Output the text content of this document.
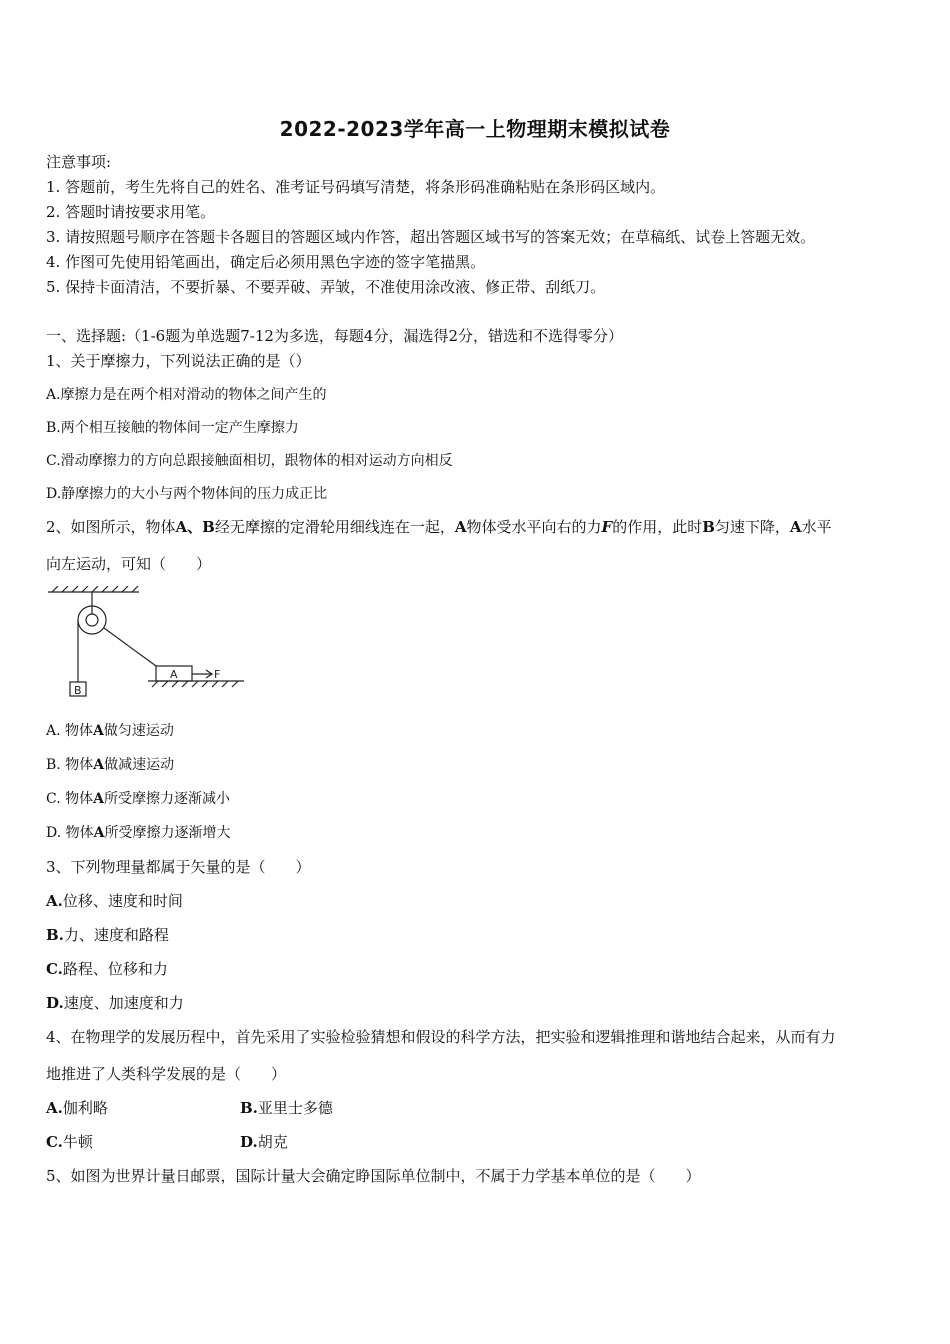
2022-2023学年高一上物理期末模拟试卷
注意事项:
1. 答题前，考生先将自己的姓名、准考证号码填写清楚，将条形码准确粘贴在条形码区域内。
2. 答题时请按要求用笔。
3. 请按照题号顺序在答题卡各题目的答题区域内作答，超出答题区域书写的答案无效；在草稿纸、试卷上答题无效。
4. 作图可先使用铅笔画出，确定后必须用黑色字迹的签字笔描黑。
5. 保持卡面清洁，不要折暴、不要弄破、弄皱，不准使用涂改液、修正带、刮纸刀。
一、选择题:（1-6题为单选题7-12为多选，每题4分，漏选得2分，错选和不选得零分）
1、关于摩擦力，下列说法正确的是（）
A.摩擦力是在两个相对滑动的物体之间产生的
B.两个相互接触的物体间一定产生摩擦力
C.滑动摩擦力的方向总跟接触面相切，跟物体的相对运动方向相反
D.静摩擦力的大小与两个物体间的压力成正比
2、如图所示，物体A、B经无摩擦的定滑轮用细线连在一起，A物体受水平向右的力F的作用，此时B匀速下降，A水平
向左运动，可知（　　）
A
B
F
A. 物体A做匀速运动
B. 物体A做减速运动
C. 物体A所受摩擦力逐渐减小
D. 物体A所受摩擦力逐渐增大
3、下列物理量都属于矢量的是（　　）
A.位移、速度和时间
B.力、速度和路程
C.路程、位移和力
D.速度、加速度和力
4、在物理学的发展历程中，首先采用了实验检验猜想和假设的科学方法，把实验和逻辑推理和谐地结合起来，从而有力
地推进了人类科学发展的是（　　）
A.伽利略	B.亚里士多德
C.牛顿	D.胡克
5、如图为世界计量日邮票，国际计量大会确定睁国际单位制中，不属于力学基本单位的是（　　）
